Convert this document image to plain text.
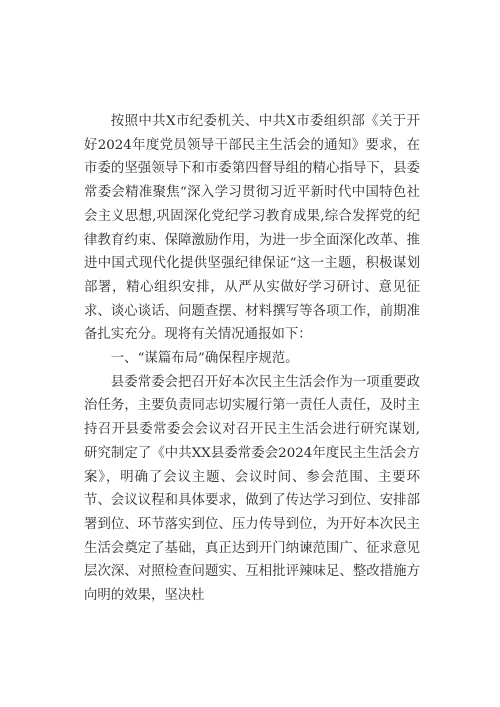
按照中共X市纪委机关、中共X市委组织部《关于开好2024年度党员领导干部民主生活会的通知》要求，在市委的坚强领导下和市委第四督导组的精心指导下，县委常委会精准聚焦“深入学习贯彻习近平新时代中国特色社会主义思想,巩固深化党纪学习教育成果,综合发挥党的纪律教育约束、保障激励作用，为进一步全面深化改革、推进中国式现代化提供坚强纪律保证”这一主题，积极谋划部署，精心组织安排，从严从实做好学习研讨、意见征求、谈心谈话、问题查摆、材料撰写等各项工作，前期准备扎实充分。现将有关情况通报如下：

一、“谋篇布局”确保程序规范。

县委常委会把召开好本次民主生活会作为一项重要政治任务，主要负责同志切实履行第一责任人责任，及时主持召开县委常委会会议对召开民主生活会进行研究谋划,研究制定了《中共XX县委常委会2024年度民主生活会方案》，明确了会议主题、会议时间、参会范围、主要环节、会议议程和具体要求，做到了传达学习到位、安排部署到位、环节落实到位、压力传导到位，为开好本次民主生活会奠定了基础，真正达到开门纳谏范围广、征求意见层次深、对照检查问题实、互相批评辣味足、整改措施方向明的效果，坚决杜
